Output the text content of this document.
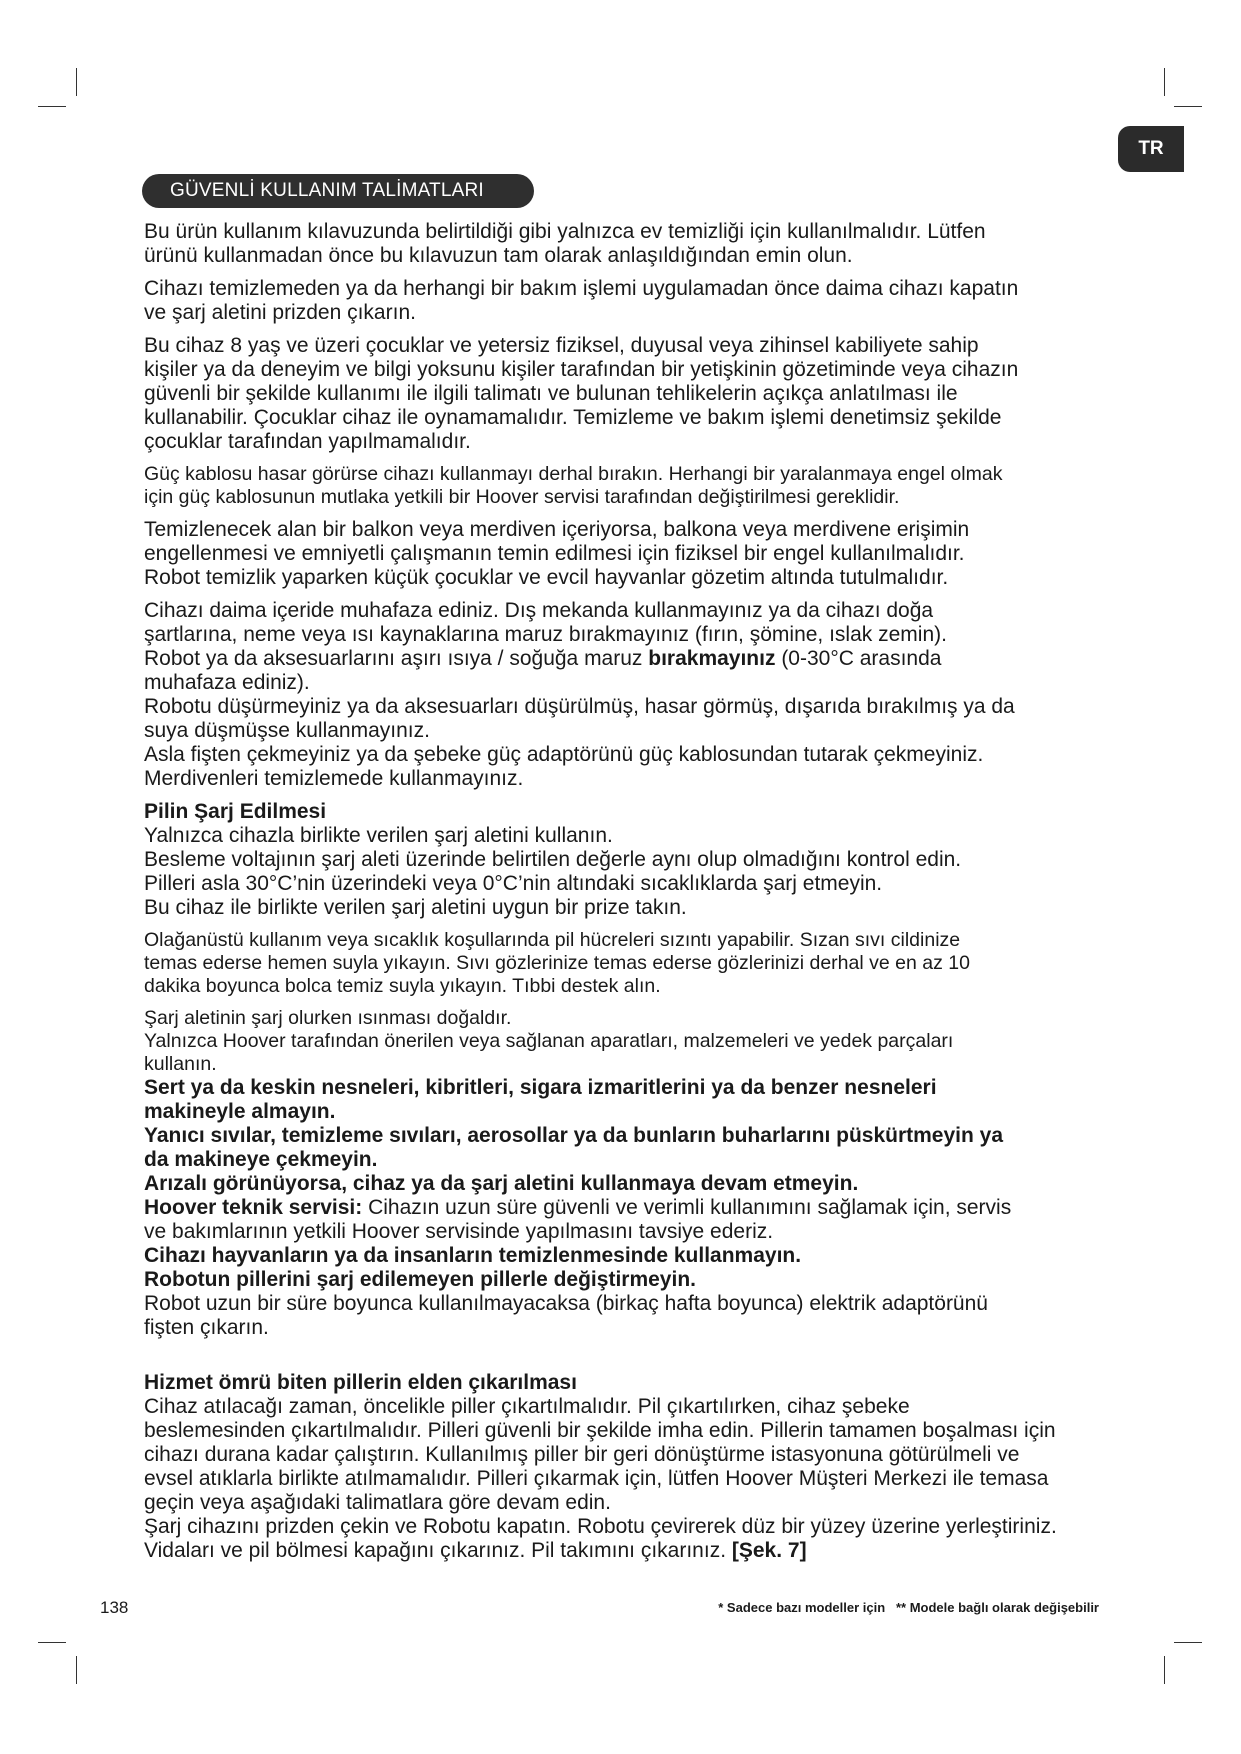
TR
GÜVENLİ KULLANIM TALİMATLARI

Bu ürün kullanım kılavuzunda belirtildiği gibi yalnızca ev temizliği için kullanılmalıdır. Lütfen
ürünü kullanmadan önce bu kılavuzun tam olarak anlaşıldığından emin olun.

Cihazı temizlemeden ya da herhangi bir bakım işlemi uygulamadan önce daima cihazı kapatın
ve şarj aletini prizden çıkarın.

Bu cihaz 8 yaş ve üzeri çocuklar ve yetersiz fiziksel, duyusal veya zihinsel kabiliyete sahip
kişiler ya da deneyim ve bilgi yoksunu kişiler tarafından bir yetişkinin gözetiminde veya cihazın
güvenli bir şekilde kullanımı ile ilgili talimatı ve bulunan tehlikelerin açıkça anlatılması ile
kullanabilir. Çocuklar cihaz ile oynamamalıdır. Temizleme ve bakım işlemi denetimsiz şekilde
çocuklar tarafından yapılmamalıdır.

Güç kablosu hasar görürse cihazı kullanmayı derhal bırakın. Herhangi bir yaralanmaya engel olmak
için güç kablosunun mutlaka yetkili bir Hoover servisi tarafından değiştirilmesi gereklidir.

Temizlenecek alan bir balkon veya merdiven içeriyorsa, balkona veya merdivene erişimin
engellenmesi ve emniyetli çalışmanın temin edilmesi için fiziksel bir engel kullanılmalıdır.
Robot temizlik yaparken küçük çocuklar ve evcil hayvanlar gözetim altında tutulmalıdır.

Cihazı daima içeride muhafaza ediniz. Dış mekanda kullanmayınız ya da cihazı doğa
şartlarına, neme veya ısı kaynaklarına maruz bırakmayınız (fırın, şömine, ıslak zemin).
Robot ya da aksesuarlarını aşırı ısıya / soğuğa maruz bırakmayınız (0-30°C arasında
muhafaza ediniz).
Robotu düşürmeyiniz ya da aksesuarları düşürülmüş, hasar görmüş, dışarıda bırakılmış ya da
suya düşmüşse kullanmayınız.
Asla fişten çekmeyiniz ya da şebeke güç adaptörünü güç kablosundan tutarak çekmeyiniz.
Merdivenleri temizlemede kullanmayınız.

Pilin Şarj Edilmesi
Yalnızca cihazla birlikte verilen şarj aletini kullanın.
Besleme voltajının şarj aleti üzerinde belirtilen değerle aynı olup olmadığını kontrol edin.
Pilleri asla 30°C’nin üzerindeki veya 0°C’nin altındaki sıcaklıklarda şarj etmeyin.
Bu cihaz ile birlikte verilen şarj aletini uygun bir prize takın.

Olağanüstü kullanım veya sıcaklık koşullarında pil hücreleri sızıntı yapabilir. Sızan sıvı cildinize
temas ederse hemen suyla yıkayın. Sıvı gözlerinize temas ederse gözlerinizi derhal ve en az 10
dakika boyunca bolca temiz suyla yıkayın. Tıbbi destek alın.

Şarj aletinin şarj olurken ısınması doğaldır.
Yalnızca Hoover tarafından önerilen veya sağlanan aparatları, malzemeleri ve yedek parçaları
kullanın.

Sert ya da keskin nesneleri, kibritleri, sigara izmaritlerini ya da benzer nesneleri
makineyle almayın.
Yanıcı sıvılar, temizleme sıvıları, aerosollar ya da bunların buharlarını püskürtmeyin ya
da makineye çekmeyin.
Arızalı görünüyorsa, cihaz ya da şarj aletini kullanmaya devam etmeyin.

Hoover teknik servisi: Cihazın uzun süre güvenli ve verimli kullanımını sağlamak için, servis
ve bakımlarının yetkili Hoover servisinde yapılmasını tavsiye ederiz.

Cihazı hayvanların ya da insanların temizlenmesinde kullanmayın.
Robotun pillerini şarj edilemeyen pillerle değiştirmeyin.

Robot uzun bir süre boyunca kullanılmayacaksa (birkaç hafta boyunca) elektrik adaptörünü
fişten çıkarın.

Hizmet ömrü biten pillerin elden çıkarılması
Cihaz atılacağı zaman, öncelikle piller çıkartılmalıdır. Pil çıkartılırken, cihaz şebeke
beslemesinden çıkartılmalıdır. Pilleri güvenli bir şekilde imha edin. Pillerin tamamen boşalması için
cihazı durana kadar çalıştırın. Kullanılmış piller bir geri dönüştürme istasyonuna götürülmeli ve
evsel atıklarla birlikte atılmamalıdır. Pilleri çıkarmak için, lütfen Hoover Müşteri Merkezi ile temasa
geçin veya aşağıdaki talimatlara göre devam edin.
Şarj cihazını prizden çekin ve Robotu kapatın. Robotu çevirerek düz bir yüzey üzerine yerleştiriniz.
Vidaları ve pil bölmesi kapağını çıkarınız. Pil takımını çıkarınız. [Şek. 7]

138	* Sadece bazı modeller için   ** Modele bağlı olarak değişebilir
